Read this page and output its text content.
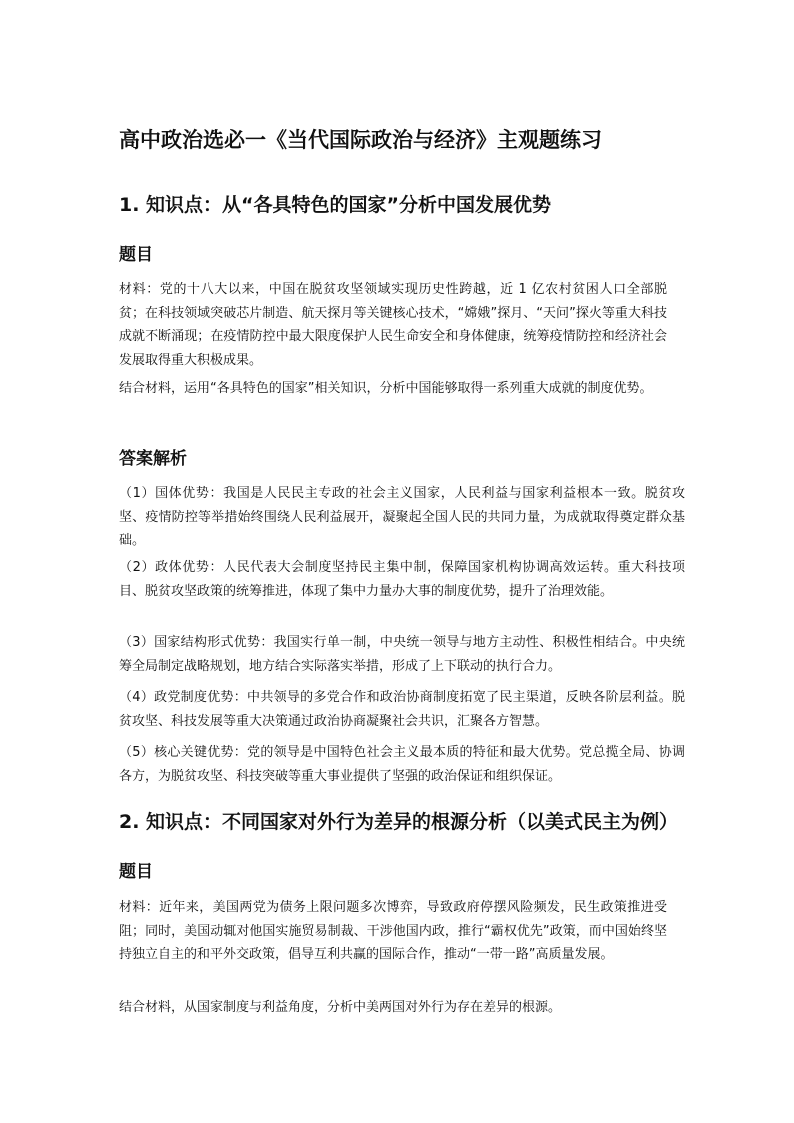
高中政治选必一《当代国际政治与经济》主观题练习
1. 知识点：从“各具特色的国家”分析中国发展优势
题目
材料：党的十八大以来，中国在脱贫攻坚领域实现历史性跨越，近 1 亿农村贫困人口全部脱贫；在科技领域突破芯片制造、航天探月等关键核心技术，“嫦娥”探月、“天问”探火等重大科技成就不断涌现；在疫情防控中最大限度保护人民生命安全和身体健康，统筹疫情防控和经济社会发展取得重大积极成果。
结合材料，运用“各具特色的国家”相关知识，分析中国能够取得一系列重大成就的制度优势。
答案解析
（1）国体优势：我国是人民民主专政的社会主义国家，人民利益与国家利益根本一致。脱贫攻坚、疫情防控等举措始终围绕人民利益展开，凝聚起全国人民的共同力量，为成就取得奠定群众基础。
（2）政体优势：人民代表大会制度坚持民主集中制，保障国家机构协调高效运转。重大科技项目、脱贫攻坚政策的统筹推进，体现了集中力量办大事的制度优势，提升了治理效能。
（3）国家结构形式优势：我国实行单一制，中央统一领导与地方主动性、积极性相结合。中央统筹全局制定战略规划，地方结合实际落实举措，形成了上下联动的执行合力。
（4）政党制度优势：中共领导的多党合作和政治协商制度拓宽了民主渠道，反映各阶层利益。脱贫攻坚、科技发展等重大决策通过政治协商凝聚社会共识，汇聚各方智慧。
（5）核心关键优势：党的领导是中国特色社会主义最本质的特征和最大优势。党总揽全局、协调各方，为脱贫攻坚、科技突破等重大事业提供了坚强的政治保证和组织保证。
2. 知识点：不同国家对外行为差异的根源分析（以美式民主为例）
题目
材料：近年来，美国两党为债务上限问题多次博弈，导致政府停摆风险频发，民生政策推进受阻；同时，美国动辄对他国实施贸易制裁、干涉他国内政，推行“霸权优先”政策，而中国始终坚持独立自主的和平外交政策，倡导互利共赢的国际合作，推动“一带一路”高质量发展。
结合材料，从国家制度与利益角度，分析中美两国对外行为存在差异的根源。
